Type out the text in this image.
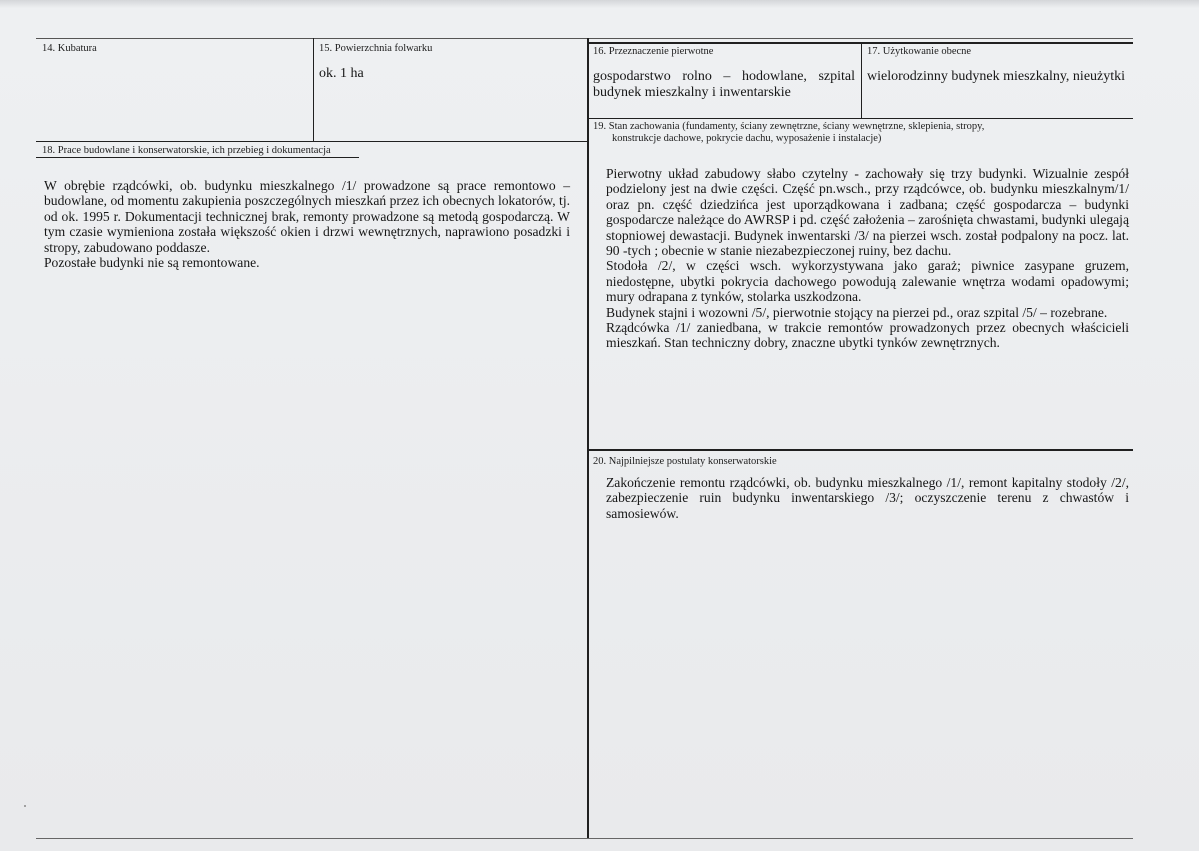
14. Kubatura	15. Powierzchnia folwarku
ok. 1 ha
16. Przeznaczenie pierwotne
gospodarstwo rolno – hodowlane, szpital budynek mieszkalny i inwentarskie
17. Użytkowanie obecne
wielorodzinny budynek mieszkalny, nieużytki
18. Prace budowlane i konserwatorskie, ich przebieg i dokumentacja

W obrębie rządcówki, ob. budynku mieszkalnego /1/ prowadzone są prace remontowo – budowlane, od momentu zakupienia poszczególnych mieszkań przez ich obecnych lokatorów, tj. od ok. 1995 r. Dokumentacji technicznej brak, remonty prowadzone są metodą gospodarczą. W tym czasie wymieniona została większość okien i drzwi wewnętrznych, naprawiono posadzki i stropy, zabudowano poddasze.

Pozostałe budynki nie są remontowane.

19. Stan zachowania (fundamenty, ściany zewnętrzne, ściany wewnętrzne, sklepienia, stropy,
konstrukcje dachowe, pokrycie dachu, wyposażenie i instalacje)

Pierwotny układ zabudowy słabo czytelny - zachowały się trzy budynki. Wizualnie zespół podzielony jest na dwie części. Część pn.wsch., przy rządcówce, ob. budynku mieszkalnym/1/ oraz pn. część dziedzińca jest uporządkowana i zadbana; część gospodarcza – budynki gospodarcze należące do AWRSP i pd. część założenia – zarośnięta chwastami, budynki ulegają stopniowej dewastacji. Budynek inwentarski /3/ na pierzei wsch. został podpalony na pocz. lat. 90 -tych ; obecnie w stanie niezabezpieczonej ruiny, bez dachu.

Stodoła /2/, w części wsch. wykorzystywana jako garaż; piwnice zasypane gruzem, niedostępne, ubytki pokrycia dachowego powodują zalewanie wnętrza wodami opadowymi; mury odrapana z tynków, stolarka uszkodzona.

Budynek stajni i wozowni /5/, pierwotnie stojący na pierzei pd., oraz szpital /5/ – rozebrane.

Rządcówka /1/ zaniedbana, w trakcie remontów prowadzonych przez obecnych właścicieli mieszkań. Stan techniczny dobry, znaczne ubytki tynków zewnętrznych.

20. Najpilniejsze postulaty konserwatorskie
Zakończenie remontu rządcówki, ob. budynku mieszkalnego /1/, remont kapitalny stodoły /2/, zabezpieczenie ruin budynku inwentarskiego /3/; oczyszczenie terenu z chwastów i samosiewów.
